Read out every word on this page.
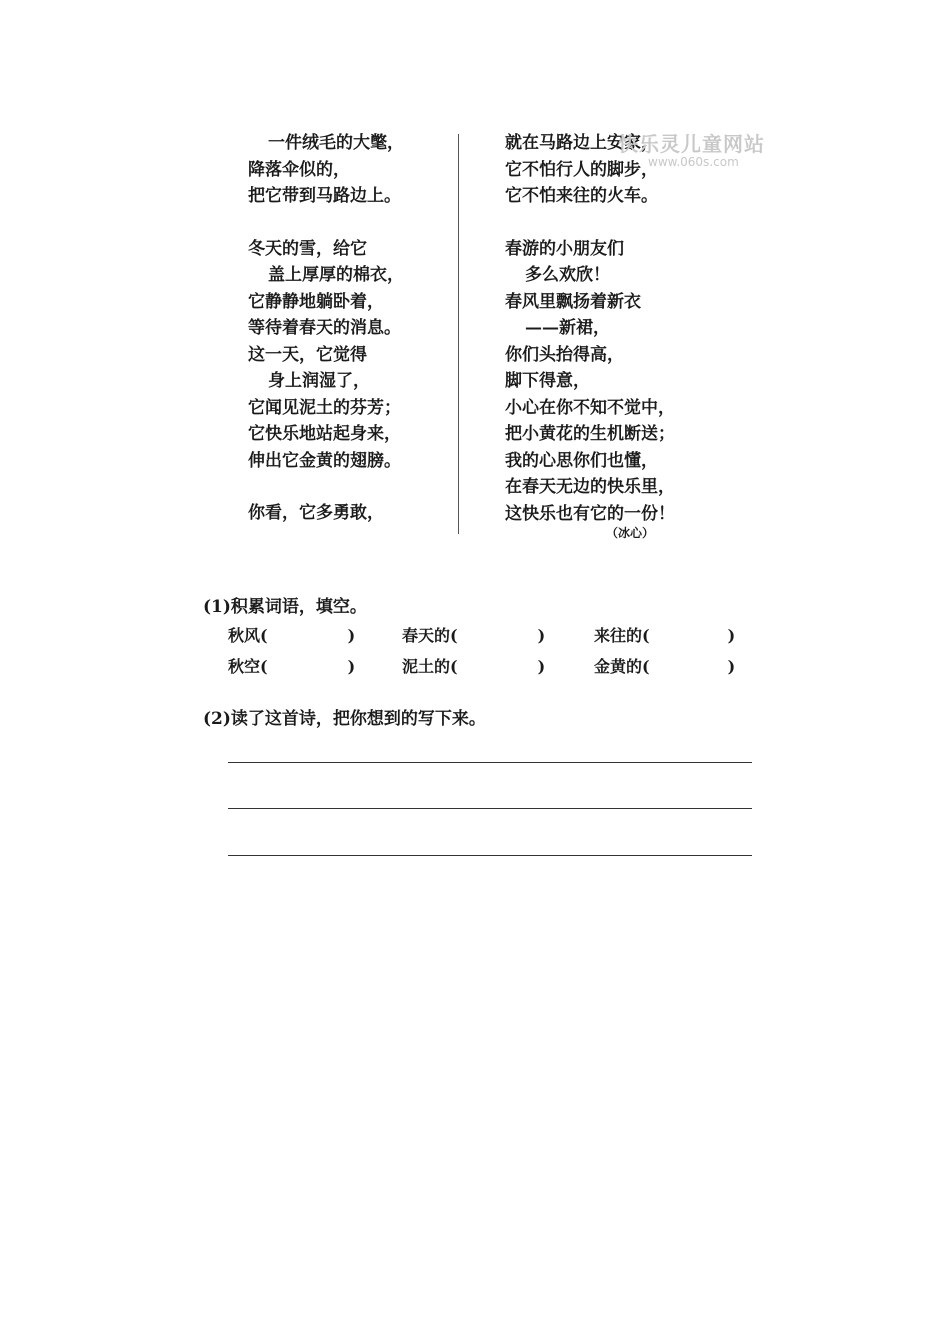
一件绒毛的大氅，
降落伞似的，
把它带到马路边上。
冬天的雪，给它
盖上厚厚的棉衣，
它静静地躺卧着，
等待着春天的消息。
这一天，它觉得
身上润湿了，
它闻见泥土的芬芳；
它快乐地站起身来，
伸出它金黄的翅膀。
你看，它多勇敢，
就在马路边上安家，
它不怕行人的脚步，
它不怕来往的火车。
春游的小朋友们
多么欢欣！
春风里飘扬着新衣
——新裙，
你们头抬得高，
脚下得意，
小心在你不知不觉中，
把小黄花的生机断送；
我的心思你们也懂，
在春天无边的快乐里，
这快乐也有它的一份！
（冰心）
快乐灵儿童网站
www.060s.com
(1)积累词语，填空。
秋风(	)	春天的(	)	来往的(	)
秋空(	)	泥土的(	)	金黄的(	)
(2)读了这首诗，把你想到的写下来。
